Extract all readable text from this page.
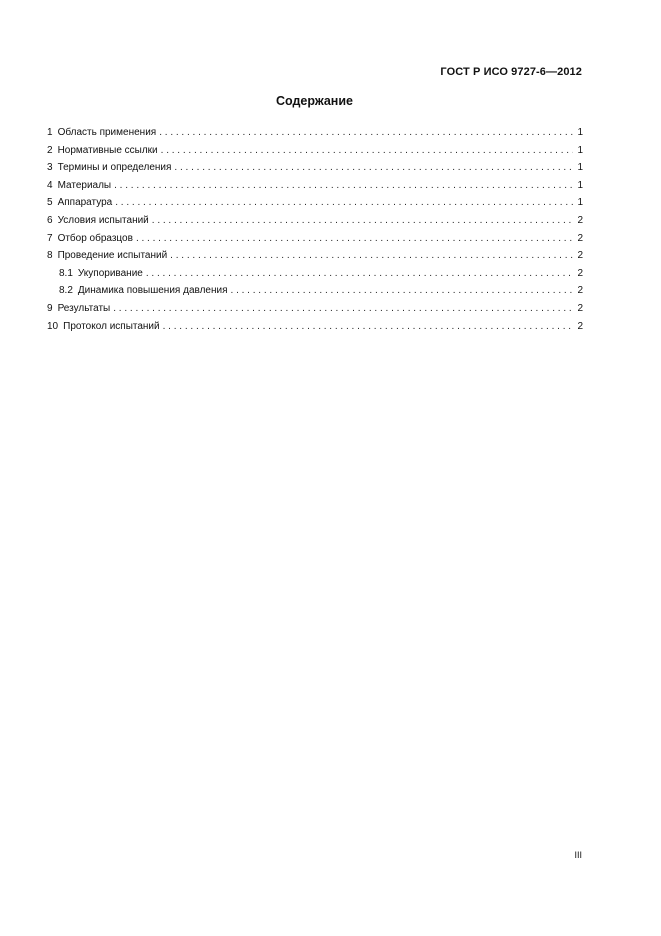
ГОСТ Р ИСО 9727-6—2012
Содержание
1 Область применения . . .	1
2 Нормативные ссылки . . .	1
3 Термины и определения . . .	1
4 Материалы . . .	1
5 Аппаратура . . .	1
6 Условия испытаний . . .	2
7 Отбор образцов . . .	2
8 Проведение испытаний . . .	2
8.1 Укупоривание . . .	2
8.2 Динамика повышения давления . . .	2
9 Результаты . . .	2
10 Протокол испытаний . . .	2
III
